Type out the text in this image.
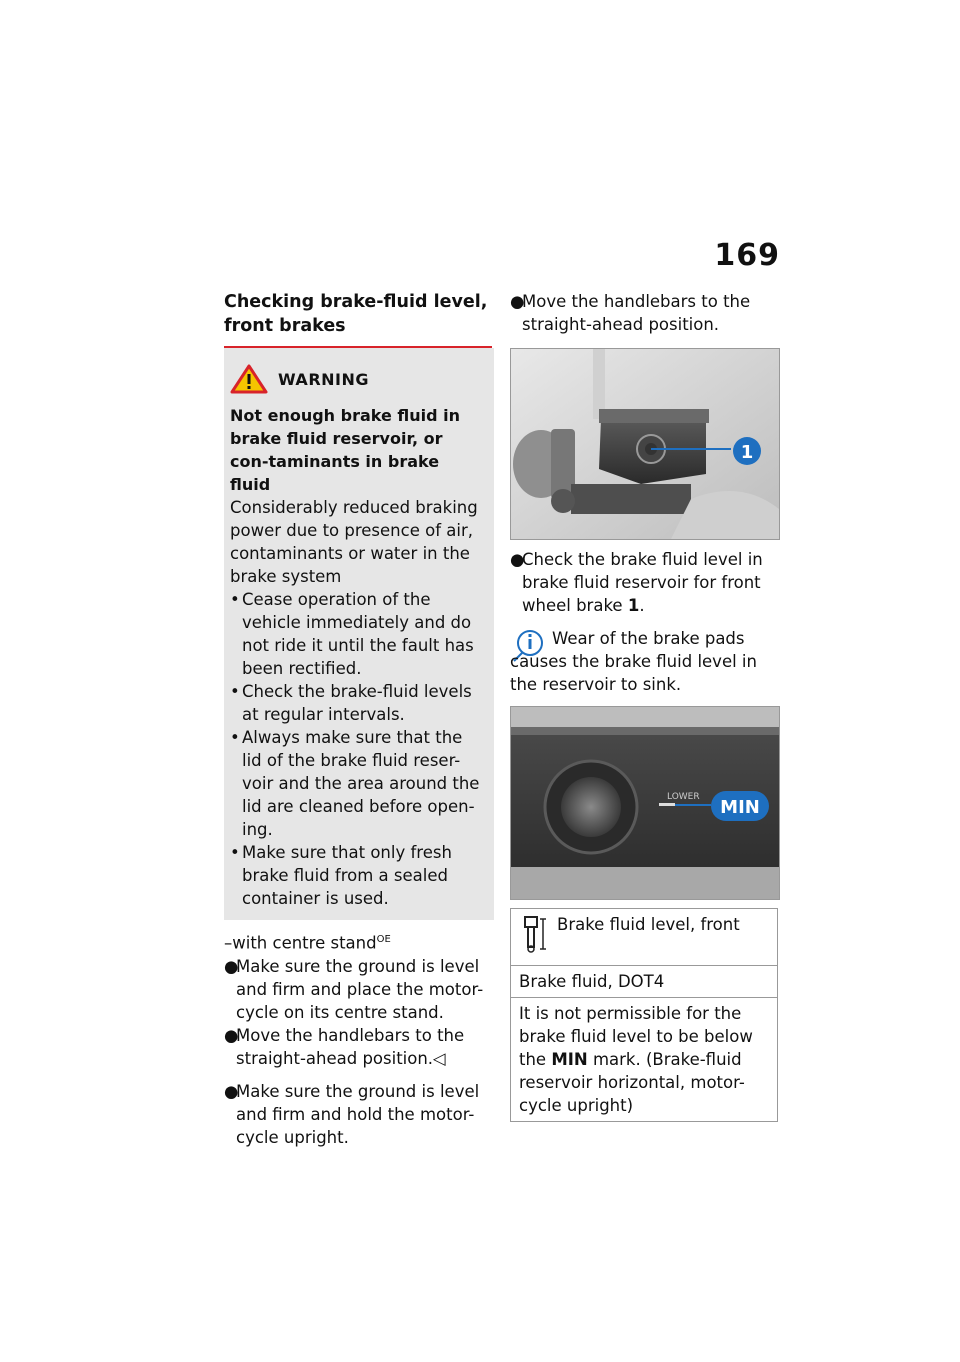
169
Checking brake-fluid level, front brakes
WARNING
Not enough brake fluid in brake fluid reservoir, or con-taminants in brake fluid
Considerably reduced braking power due to presence of air, contaminants or water in the brake system
• Cease operation of the vehicle immediately and do not ride it until the fault has been rectified.
• Check the brake-fluid levels at regular intervals.
• Always make sure that the lid of the brake fluid reser-voir and the area around the lid are cleaned before open-ing.
• Make sure that only fresh brake fluid from a sealed container is used.
–with centre stand$^{OE}$
●
Make sure the ground is level and firm and place the motor-cycle on its centre stand.
●
Move the handlebars to the straight-ahead position.◁
●
Make sure the ground is level and firm and hold the motor-cycle upright.
●
Move the handlebars to the straight-ahead position.
1
●
Check the brake fluid level in brake fluid reservoir for front wheel brake 1.
Wear of the brake pads causes the brake fluid level in the reservoir to sink.
LOWER MIN
Brake fluid level, front

Brake fluid, DOT4
It is not permissible for the brake fluid level to be below the MIN mark. (Brake-fluid reservoir horizontal, motor-cycle upright)
